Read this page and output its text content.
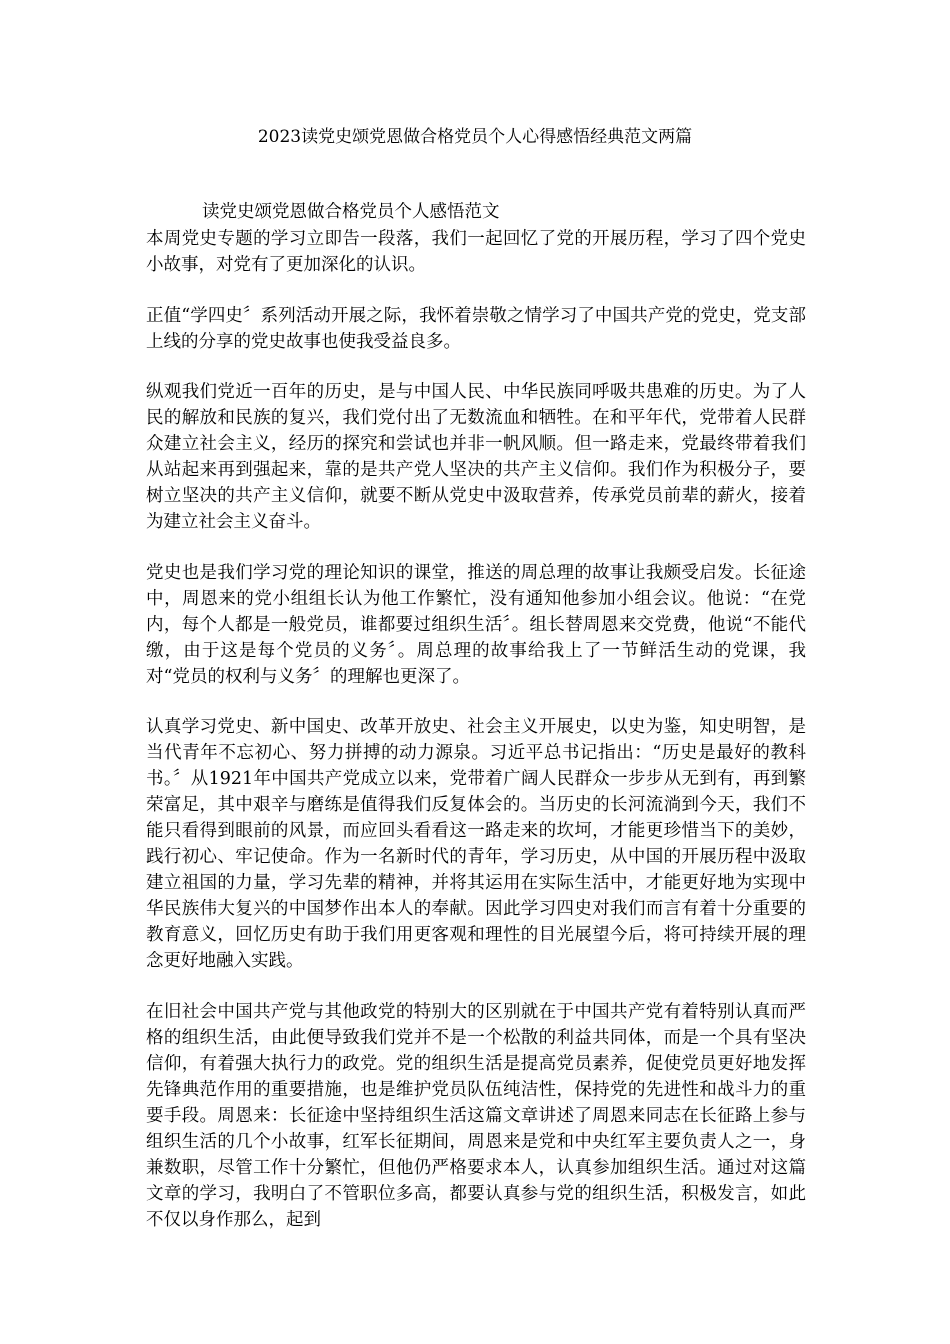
2023读党史颂党恩做合格党员个人心得感悟经典范文两篇

读党史颂党恩做合格党员个人感悟范文

本周党史专题的学习立即告一段落，我们一起回忆了党的开展历程，学习了四个党史小故事，对党有了更加深化的认识。

正值“学四史〞系列活动开展之际，我怀着崇敬之情学习了中国共产党的党史，党支部上线的分享的党史故事也使我受益良多。

纵观我们党近一百年的历史，是与中国人民、中华民族同呼吸共患难的历史。为了人民的解放和民族的复兴，我们党付出了无数流血和牺牲。在和平年代，党带着人民群众建立社会主义，经历的探究和尝试也并非一帆风顺。但一路走来，党最终带着我们从站起来再到强起来，靠的是共产党人坚决的共产主义信仰。我们作为积极分子，要树立坚决的共产主义信仰，就要不断从党史中汲取营养，传承党员前辈的薪火，接着为建立社会主义奋斗。

党史也是我们学习党的理论知识的课堂，推送的周总理的故事让我颇受启发。长征途中，周恩来的党小组组长认为他工作繁忙，没有通知他参加小组会议。他说：“在党内，每个人都是一般党员，谁都要过组织生活〞。组长替周恩来交党费，他说“不能代缴，由于这是每个党员的义务〞。周总理的故事给我上了一节鲜活生动的党课，我对“党员的权利与义务〞的理解也更深了。

认真学习党史、新中国史、改革开放史、社会主义开展史，以史为鉴，知史明智，是当代青年不忘初心、努力拼搏的动力源泉。习近平总书记指出：“历史是最好的教科书。〞从1921年中国共产党成立以来，党带着广阔人民群众一步步从无到有，再到繁荣富足，其中艰辛与磨练是值得我们反复体会的。当历史的长河流淌到今天，我们不能只看得到眼前的风景，而应回头看看这一路走来的坎坷，才能更珍惜当下的美妙，践行初心、牢记使命。作为一名新时代的青年，学习历史，从中国的开展历程中汲取建立祖国的力量，学习先辈的精神，并将其运用在实际生活中，才能更好地为实现中华民族伟大复兴的中国梦作出本人的奉献。因此学习四史对我们而言有着十分重要的教育意义，回忆历史有助于我们用更客观和理性的目光展望今后，将可持续开展的理念更好地融入实践。

在旧社会中国共产党与其他政党的特别大的区别就在于中国共产党有着特别认真而严格的组织生活，由此便导致我们党并不是一个松散的利益共同体，而是一个具有坚决信仰，有着强大执行力的政党。党的组织生活是提高党员素养，促使党员更好地发挥先锋典范作用的重要措施，也是维护党员队伍纯洁性，保持党的先进性和战斗力的重要手段。周恩来：长征途中坚持组织生活这篇文章讲述了周恩来同志在长征路上参与组织生活的几个小故事，红军长征期间，周恩来是党和中央红军主要负责人之一，身兼数职，尽管工作十分繁忙，但他仍严格要求本人，认真参加组织生活。通过对这篇文章的学习，我明白了不管职位多高，都要认真参与党的组织生活，积极发言，如此不仅以身作那么，起到
